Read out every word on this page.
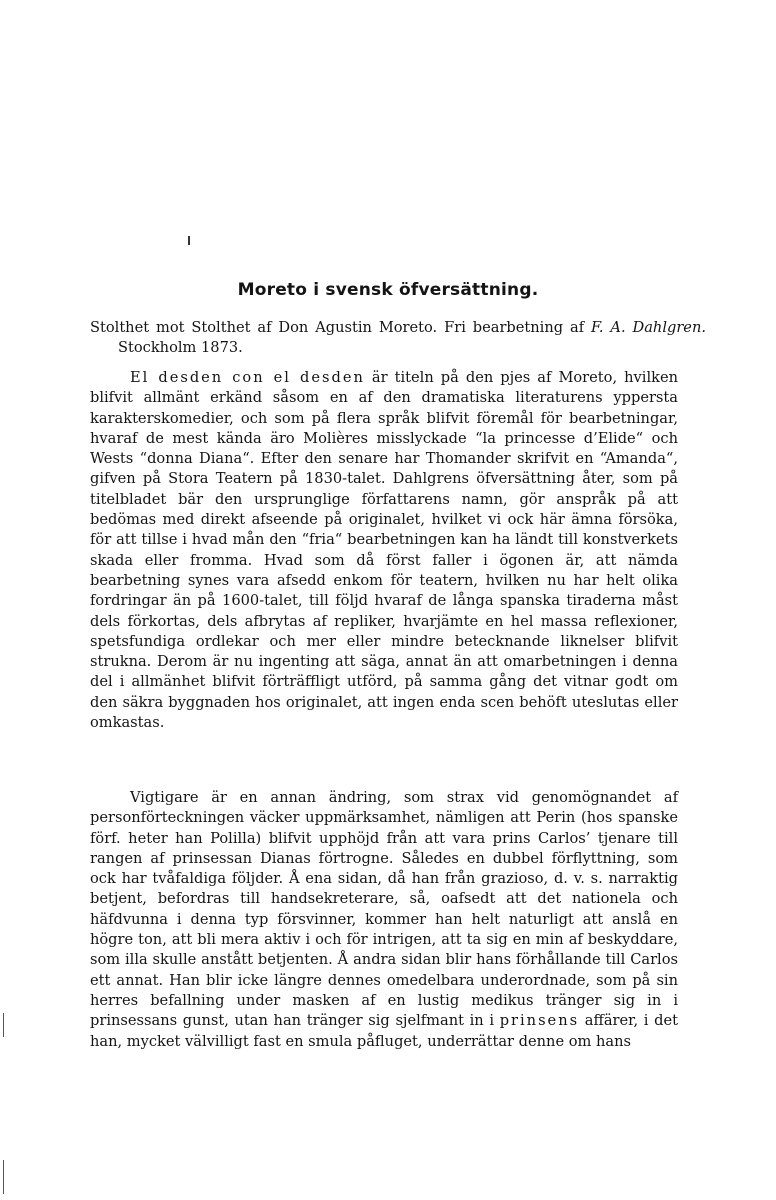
Moreto i svensk öfversättning.

Stolthet mot Stolthet af Don Agustin Moreto. Fri bearbetning af F. A. Dahlgren. Stockholm 1873.

El desden con el desden är titeln på den pjes af Moreto, hvilken blifvit allmänt erkänd såsom en af den dramatiska literaturens yppersta karakterskomedier, och som på flera språk blifvit föremål för bearbetningar, hvaraf de mest kända äro Molières misslyckade “la princesse d’Elide“ och Wests “donna Diana“. Efter den senare har Thomander skrifvit en “Amanda“, gifven på Stora Teatern på 1830-talet. Dahlgrens öfversättning åter, som på titelbladet bär den ursprunglige författarens namn, gör anspråk på att bedömas med direkt afseende på originalet, hvilket vi ock här ämna försöka, för att tillse i hvad mån den “fria“ bearbetningen kan ha ländt till konstverkets skada eller fromma. Hvad som då först faller i ögonen är, att nämda bearbetning synes vara afsedd enkom för teatern, hvilken nu har helt olika fordringar än på 1600-talet, till följd hvaraf de långa spanska tiraderna måst dels förkortas, dels afbrytas af repliker, hvarjämte en hel massa reflexioner, spetsfundiga ordlekar och mer eller mindre betecknande liknelser blifvit strukna. Derom är nu ingenting att säga, annat än att omarbetningen i denna del i allmänhet blifvit förträffligt utförd, på samma gång det vitnar godt om den säkra byggnaden hos originalet, att ingen enda scen behöft uteslutas eller omkastas.

Vigtigare är en annan ändring, som strax vid genomögnandet af personförteckningen väcker uppmärksamhet, nämligen att Perin (hos spanske förf. heter han Polilla) blifvit upphöjd från att vara prins Carlos’ tjenare till rangen af prinsessan Dianas förtrogne. Således en dubbel förflyttning, som ock har tvåfaldiga följder. Å ena sidan, då han från grazioso, d. v. s. narraktig betjent, befordras till handsekreterare, så, oafsedt att det nationela och häfdvunna i denna typ försvinner, kommer han helt naturligt att anslå en högre ton, att bli mera aktiv i och för intrigen, att ta sig en min af beskyddare, som illa skulle anstått betjenten. Å andra sidan blir hans förhållande till Carlos ett annat. Han blir icke längre dennes omedelbara underordnade, som på sin herres befallning under masken af en lustig medikus tränger sig in i prinsessans gunst, utan han tränger sig sjelfmant in i prinsens affärer, i det han, mycket välvilligt fast en smula påfluget, underrättar denne om hans
